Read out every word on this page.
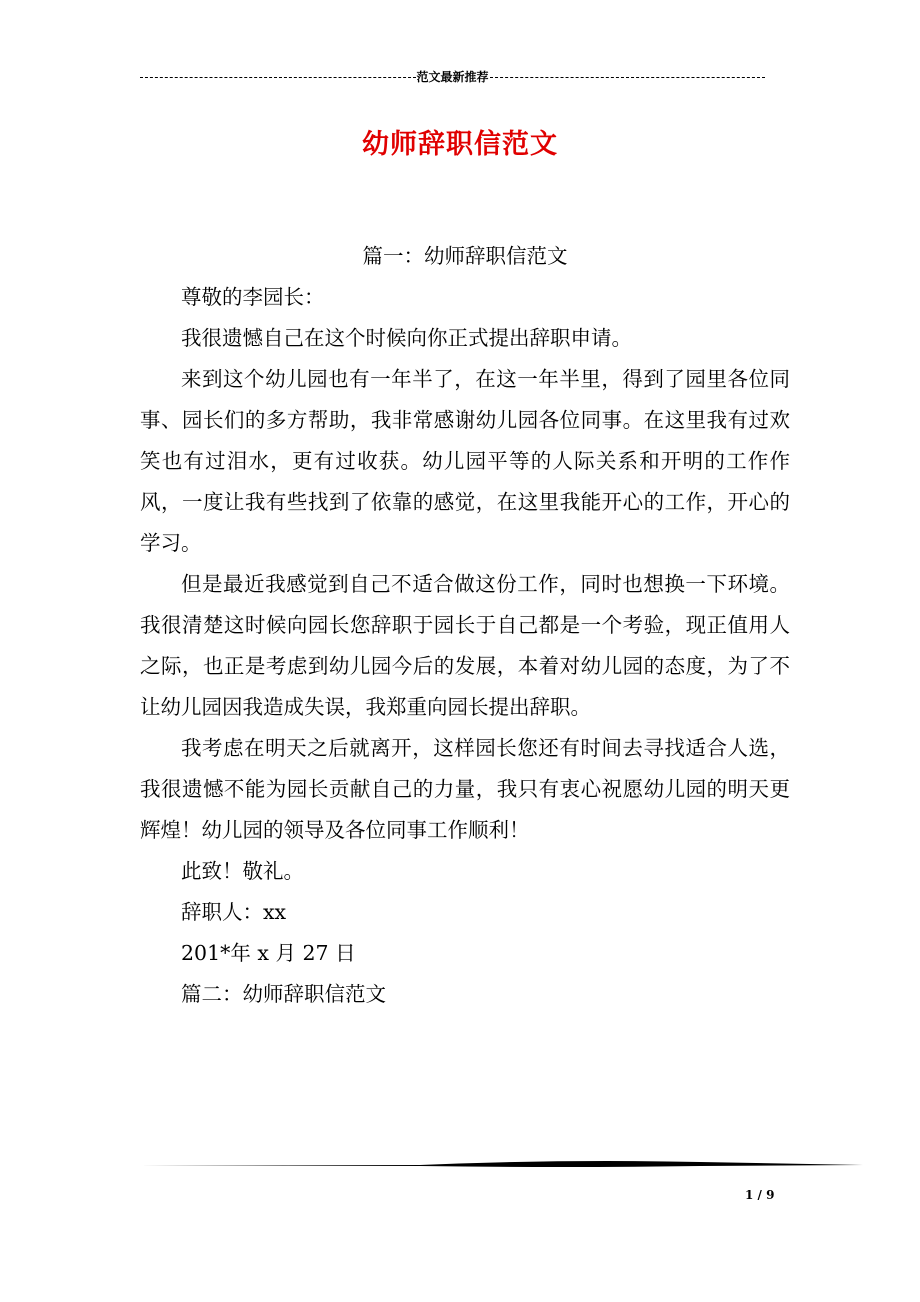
范文最新推荐
幼师辞职信范文

篇一：幼师辞职信范文

尊敬的李园长：

我很遗憾自己在这个时候向你正式提出辞职申请。

来到这个幼儿园也有一年半了，在这一年半里，得到了园里各位同事、园长们的多方帮助，我非常感谢幼儿园各位同事。在这里我有过欢笑也有过泪水，更有过收获。幼儿园平等的人际关系和开明的工作作风，一度让我有些找到了依靠的感觉，在这里我能开心的工作，开心的学习。

但是最近我感觉到自己不适合做这份工作，同时也想换一下环境。我很清楚这时候向园长您辞职于园长于自己都是一个考验，现正值用人之际，也正是考虑到幼儿园今后的发展，本着对幼儿园的态度，为了不让幼儿园因我造成失误，我郑重向园长提出辞职。

我考虑在明天之后就离开，这样园长您还有时间去寻找适合人选，我很遗憾不能为园长贡献自己的力量，我只有衷心祝愿幼儿园的明天更辉煌！幼儿园的领导及各位同事工作顺利！

此致！敬礼。

辞职人：xx

201*年 x 月 27 日

篇二：幼师辞职信范文

1 / 9
